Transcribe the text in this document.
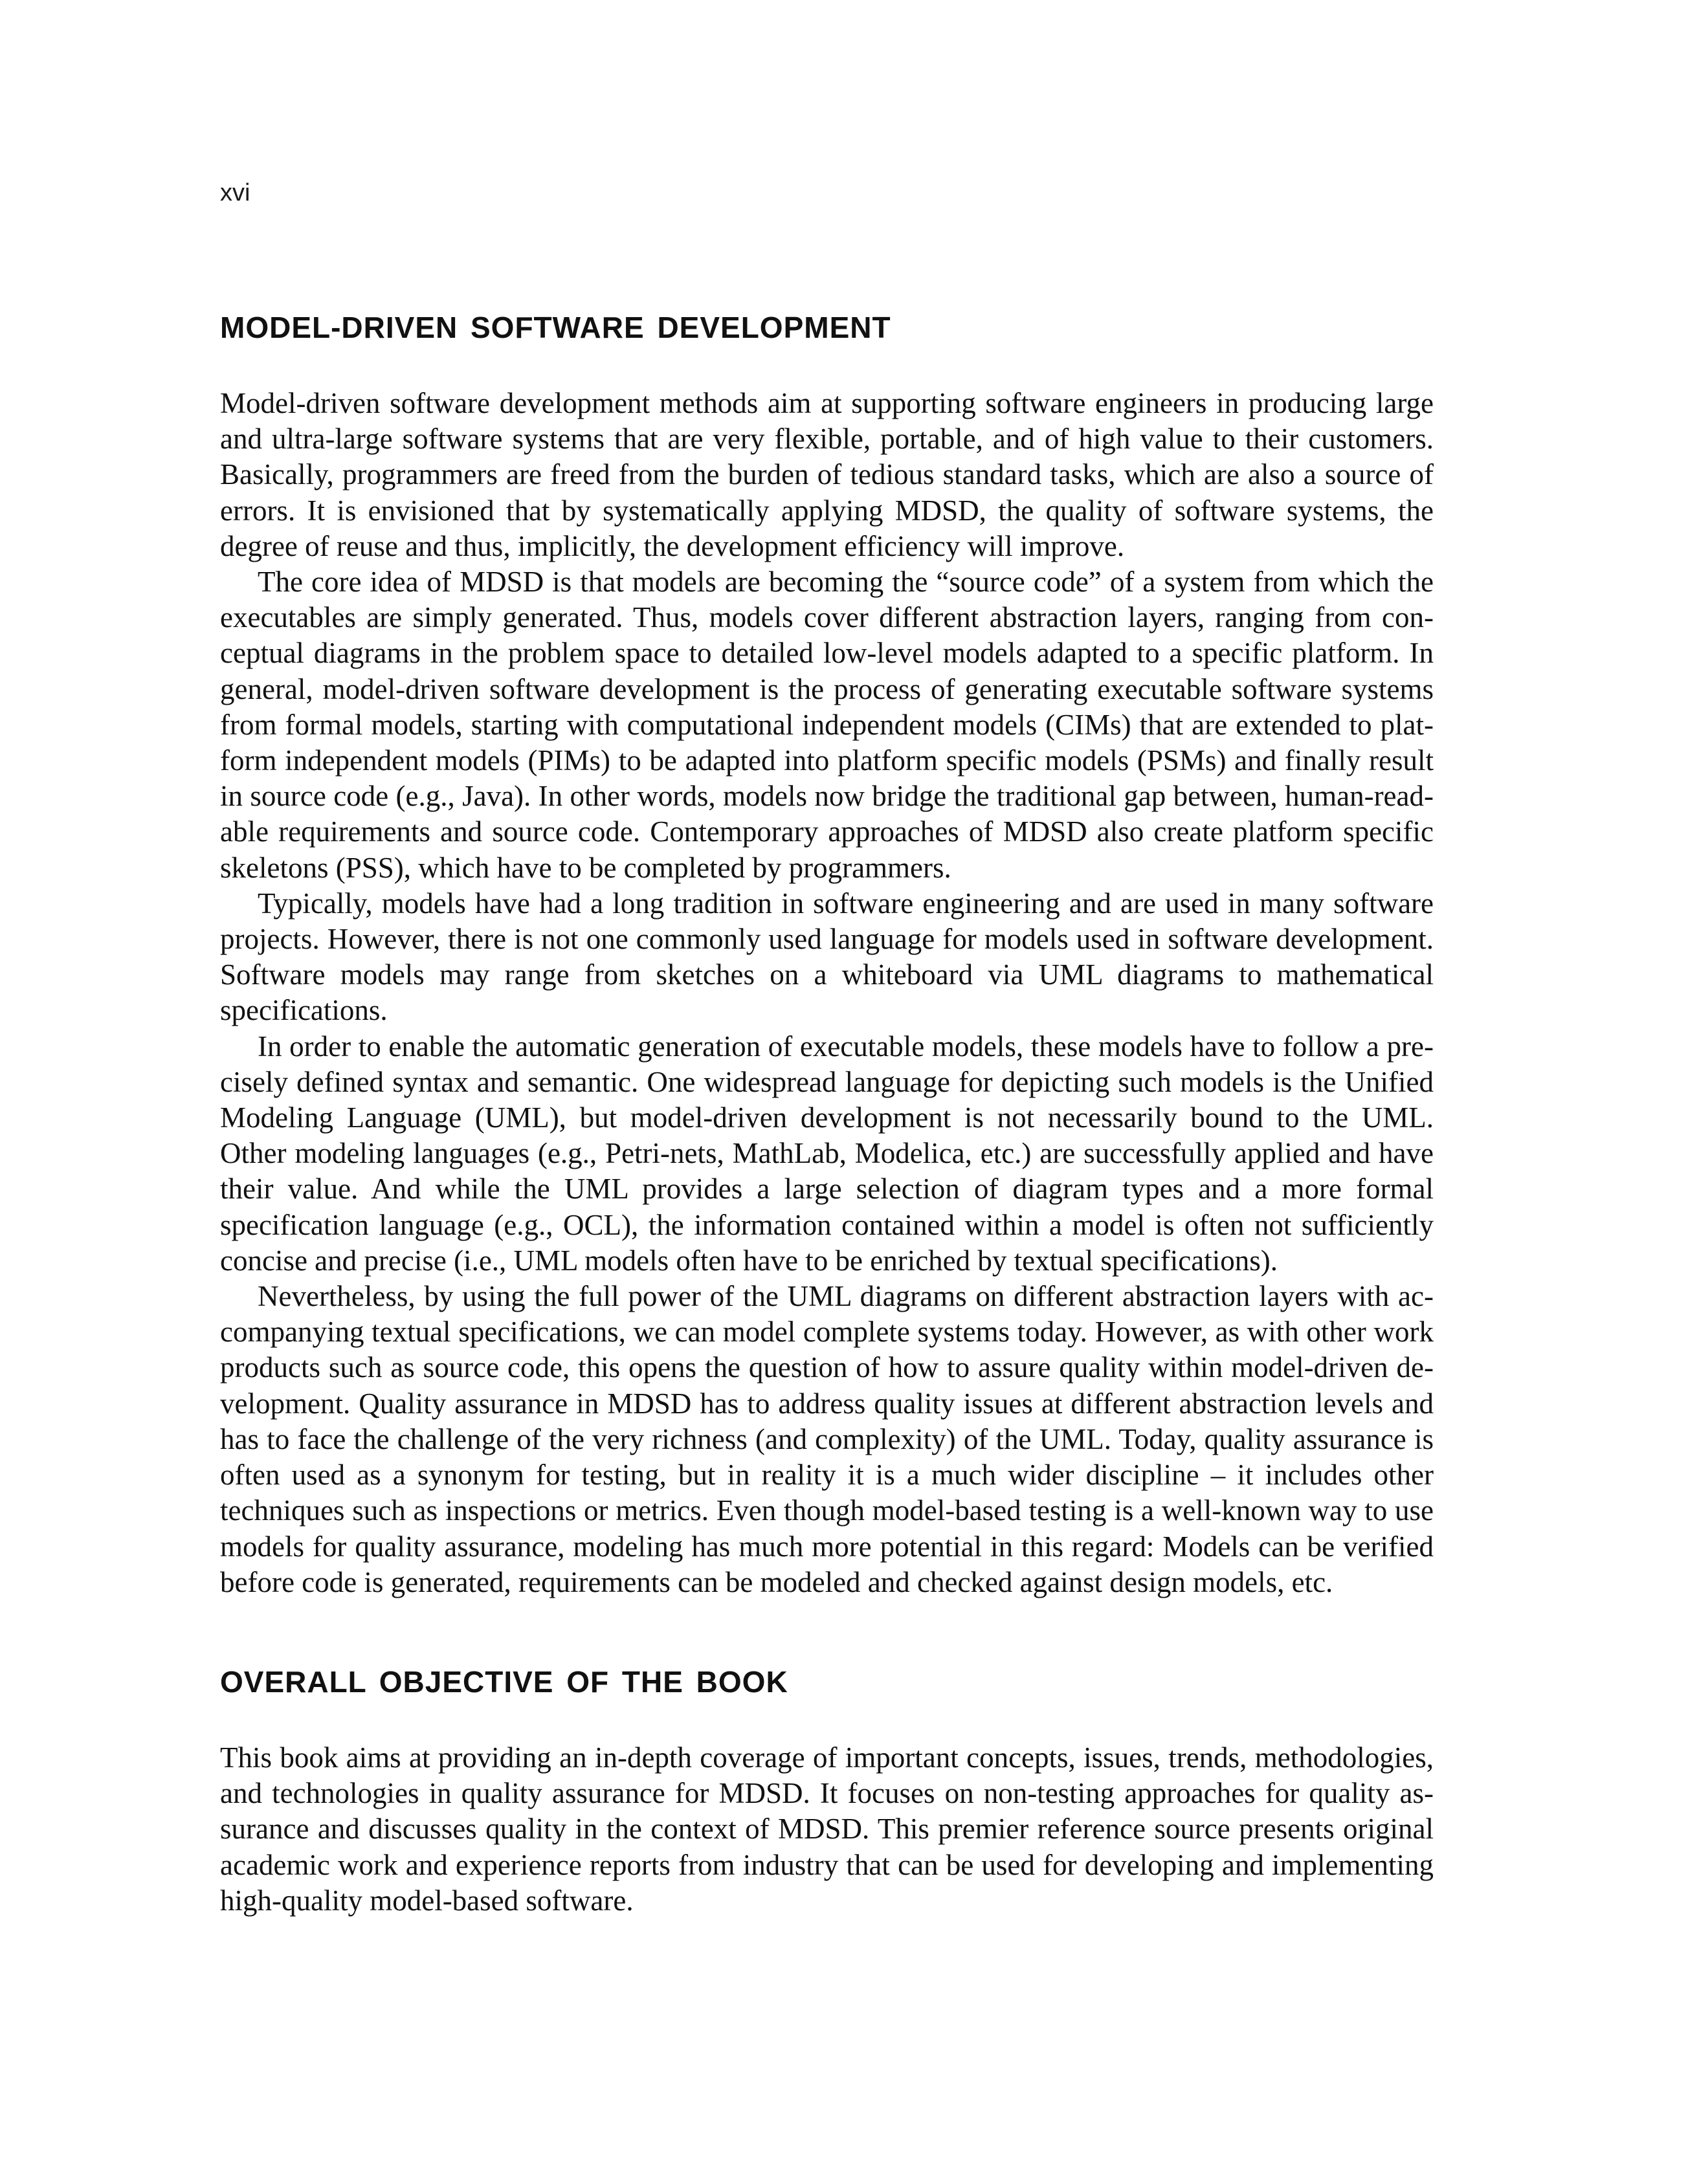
xvi

MODEL-DRIVEN SOFTWARE DEVELOPMENT

Model-driven software development methods aim at supporting software engineers in producing large and ultra-large software systems that are very flexible, portable, and of high value to their customers. Basically, programmers are freed from the burden of tedious standard tasks, which are also a source of errors. It is envisioned that by systematically applying MDSD, the quality of software systems, the degree of reuse and thus, implicitly, the development efficiency will improve.

The core idea of MDSD is that models are becoming the “source code” of a system from which the executables are simply generated. Thus, models cover different abstraction layers, ranging from conceptual diagrams in the problem space to detailed low-level models adapted to a specific platform. In general, model-driven software development is the process of generating executable software systems from formal models, starting with computational independent models (CIMs) that are extended to platform independent models (PIMs) to be adapted into platform specific models (PSMs) and finally result in source code (e.g., Java). In other words, models now bridge the traditional gap between, human-readable requirements and source code. Contemporary approaches of MDSD also create platform specific skeletons (PSS), which have to be completed by programmers.

Typically, models have had a long tradition in software engineering and are used in many software projects. However, there is not one commonly used language for models used in software development. Software models may range from sketches on a whiteboard via UML diagrams to mathematical specifications.

In order to enable the automatic generation of executable models, these models have to follow a precisely defined syntax and semantic. One widespread language for depicting such models is the Unified Modeling Language (UML), but model-driven development is not necessarily bound to the UML. Other modeling languages (e.g., Petri-nets, MathLab, Modelica, etc.) are successfully applied and have their value. And while the UML provides a large selection of diagram types and a more formal specification language (e.g., OCL), the information contained within a model is often not sufficiently concise and precise (i.e., UML models often have to be enriched by textual specifications).

Nevertheless, by using the full power of the UML diagrams on different abstraction layers with accompanying textual specifications, we can model complete systems today. However, as with other work products such as source code, this opens the question of how to assure quality within model-driven development. Quality assurance in MDSD has to address quality issues at different abstraction levels and has to face the challenge of the very richness (and complexity) of the UML. Today, quality assurance is often used as a synonym for testing, but in reality it is a much wider discipline – it includes other techniques such as inspections or metrics. Even though model-based testing is a well-known way to use models for quality assurance, modeling has much more potential in this regard: Models can be verified before code is generated, requirements can be modeled and checked against design models, etc.

OVERALL OBJECTIVE OF THE BOOK

This book aims at providing an in-depth coverage of important concepts, issues, trends, methodologies, and technologies in quality assurance for MDSD. It focuses on non-testing approaches for quality assurance and discusses quality in the context of MDSD. This premier reference source presents original academic work and experience reports from industry that can be used for developing and implementing high-quality model-based software.
